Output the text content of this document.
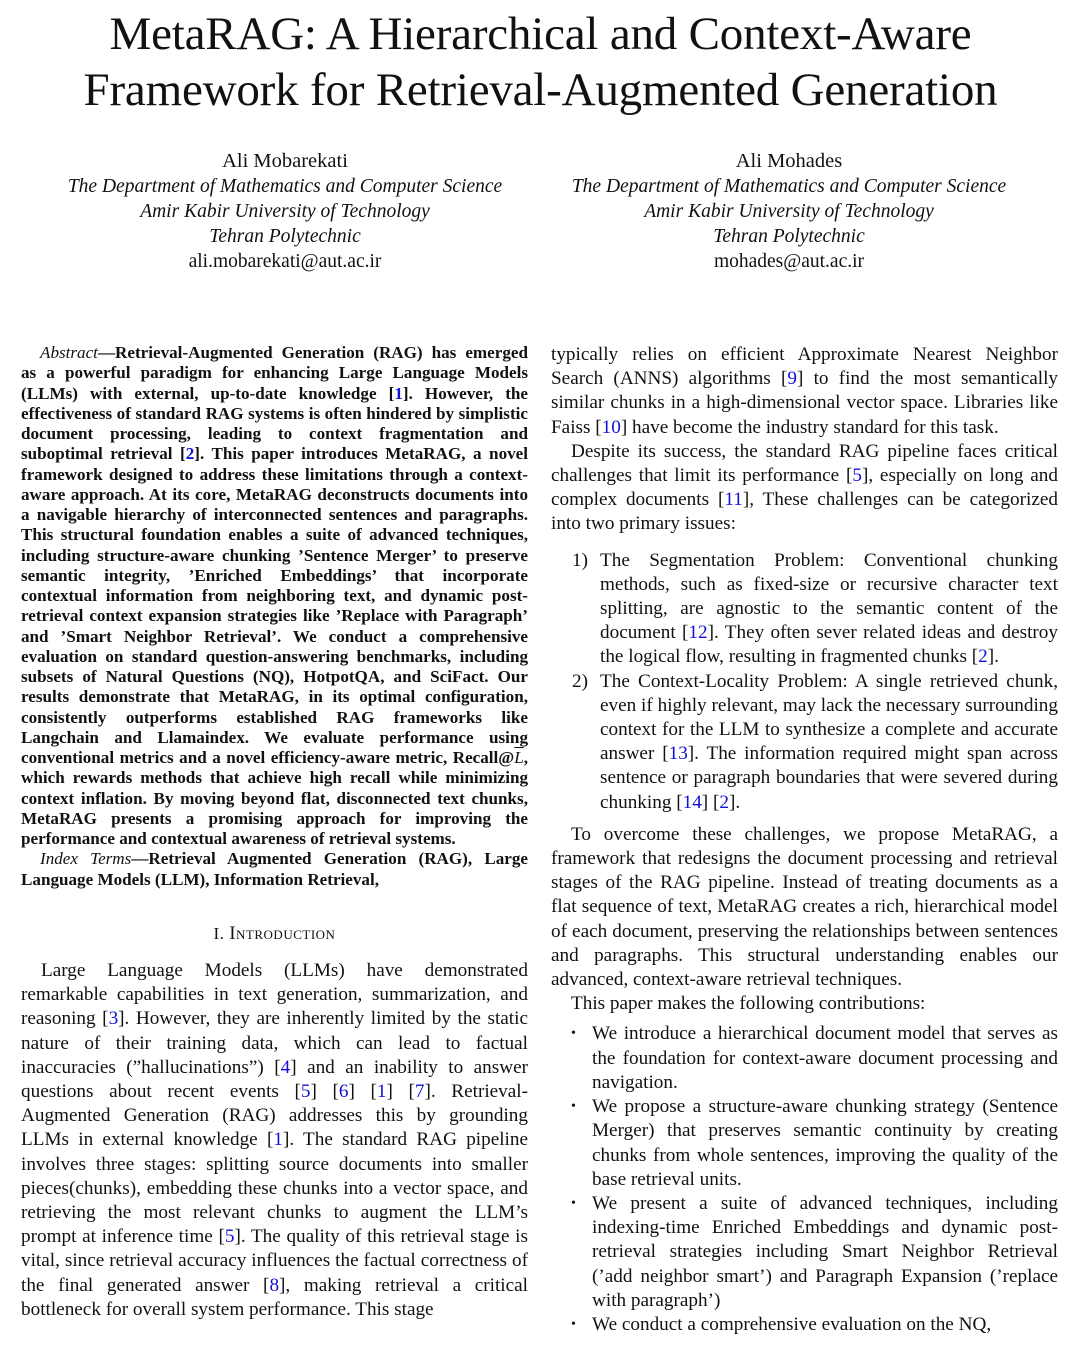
MetaRAG: A Hierarchical and Context-Aware
Framework for Retrieval-Augmented Generation
Ali Mobarekati
The Department of Mathematics and Computer Science
Amir Kabir University of Technology
Tehran Polytechnic
ali.mobarekati@aut.ac.ir
Ali Mohades
The Department of Mathematics and Computer Science
Amir Kabir University of Technology
Tehran Polytechnic
mohades@aut.ac.ir

Abstract—Retrieval-Augmented Generation (RAG) has emerged as a powerful paradigm for enhancing Large Language Models (LLMs) with external, up-to-date knowledge [1]. However, the effectiveness of standard RAG systems is often hindered by simplistic document processing, leading to context fragmentation and suboptimal retrieval [2]. This paper introduces MetaRAG, a novel framework designed to address these limitations through a context-aware approach. At its core, MetaRAG deconstructs documents into a navigable hierarchy of interconnected sentences and paragraphs. This structural foundation enables a suite of advanced techniques, including structure-aware chunking ’Sentence Merger’ to preserve semantic integrity, ’Enriched Embeddings’ that incorporate contextual information from neighboring text, and dynamic post-retrieval context expansion strategies like ’Replace with Paragraph’ and ’Smart Neighbor Retrieval’. We conduct a comprehensive evaluation on standard question-answering benchmarks, including subsets of Natural Questions (NQ), HotpotQA, and SciFact. Our results demonstrate that MetaRAG, in its optimal configuration, consistently outperforms established RAG frameworks like Langchain and Llamaindex. We evaluate performance using conventional metrics and a novel efficiency-aware metric, $Recall@\overline{L}$, which rewards methods that achieve high recall while minimizing context inflation. By moving beyond flat, disconnected text chunks, MetaRAG presents a promising approach for improving the performance and contextual awareness of retrieval systems.

Index Terms—Retrieval Augmented Generation (RAG), Large Language Models (LLM), Information Retrieval,

I. Introduction

Large Language Models (LLMs) have demonstrated remarkable capabilities in text generation, summarization, and reasoning [3]. However, they are inherently limited by the static nature of their training data, which can lead to factual inaccuracies (”hallucinations”) [4] and an inability to answer questions about recent events [5] [6] [1] [7]. Retrieval-Augmented Generation (RAG) addresses this by grounding LLMs in external knowledge [1]. The standard RAG pipeline involves three stages: splitting source documents into smaller pieces(chunks), embedding these chunks into a vector space, and retrieving the most relevant chunks to augment the LLM’s prompt at inference time [5]. The quality of this retrieval stage is vital, since retrieval accuracy influences the factual correctness of the final generated answer [8], making retrieval a critical bottleneck for overall system performance. This stage

typically relies on efficient Approximate Nearest Neighbor Search (ANNS) algorithms [9] to find the most semantically similar chunks in a high-dimensional vector space. Libraries like Faiss [10] have become the industry standard for this task.

Despite its success, the standard RAG pipeline faces critical challenges that limit its performance [5], especially on long and complex documents [11], These challenges can be categorized into two primary issues:

1) The Segmentation Problem: Conventional chunking methods, such as fixed-size or recursive character text splitting, are agnostic to the semantic content of the document [12]. They often sever related ideas and destroy the logical flow, resulting in fragmented chunks [2].
2) The Context-Locality Problem: A single retrieved chunk, even if highly relevant, may lack the necessary surrounding context for the LLM to synthesize a complete and accurate answer [13]. The information required might span across sentence or paragraph boundaries that were severed during chunking [14] [2].

To overcome these challenges, we propose MetaRAG, a framework that redesigns the document processing and retrieval stages of the RAG pipeline. Instead of treating documents as a flat sequence of text, MetaRAG creates a rich, hierarchical model of each document, preserving the relationships between sentences and paragraphs. This structural understanding enables our advanced, context-aware retrieval techniques.

This paper makes the following contributions:

• We introduce a hierarchical document model that serves as the foundation for context-aware document processing and navigation.
• We propose a structure-aware chunking strategy (Sentence Merger) that preserves semantic continuity by creating chunks from whole sentences, improving the quality of the base retrieval units.
• We present a suite of advanced techniques, including indexing-time Enriched Embeddings and dynamic post-retrieval strategies including Smart Neighbor Retrieval (’add neighbor smart’) and Paragraph Expansion (’replace with paragraph’)
• We conduct a comprehensive evaluation on the NQ,
